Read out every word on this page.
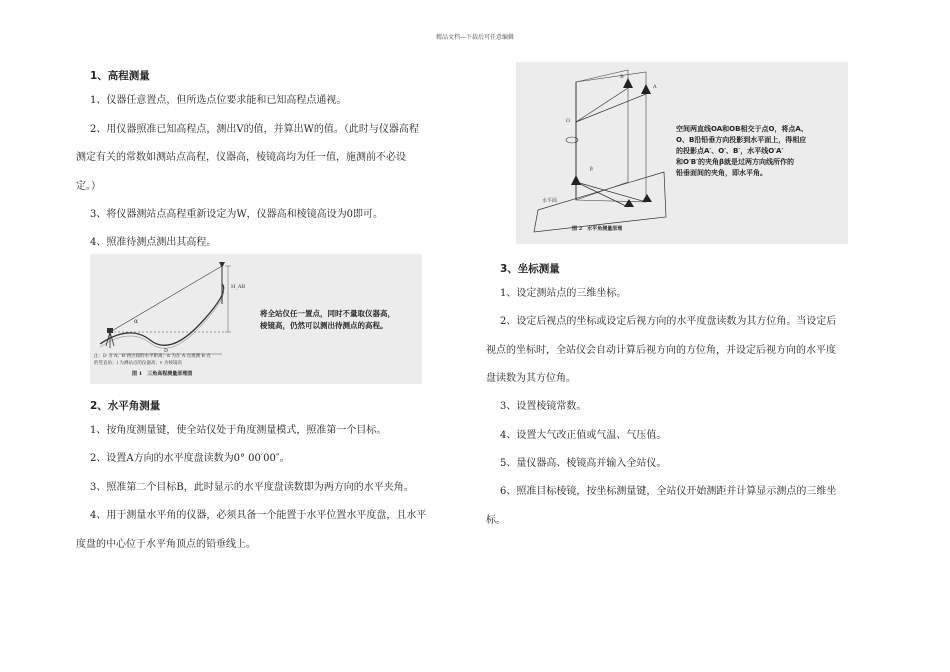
精品文档---下载后可任意编辑
1、高程测量
1、仪器任意置点，但所选点位要求能和已知高程点通视。
2、用仪器照准已知高程点，测出V的值，并算出W的值。（此时与仪器高程
测定有关的常数如测站点高程，仪器高，棱镜高均为任一值，施测前不必设
定。）
3、将仪器测站点高程重新设定为W，仪器高和棱镜高设为0即可。
4、照准待测点测出其高程。
α
H_AB
D
将全站仪任一置点，同时不量取仪器高，
棱镜高，仍然可以测出待测点的高程。
注：D 为 A、B 两点间的水平距离；α 为在 A 点观测 B 点
的竖直角；i 为测站点的仪器高；v 为棱镜高
图 1　三角高程测量原理图
2、水平角测量
1、按角度测量键，使全站仪处于角度测量模式，照准第一个目标。
2、设置A方向的水平度盘读数为0° 00′00″。
3、照准第二个目标B，此时显示的水平度盘读数即为两方向的水平夹角。
4、用于测量水平角的仪器，必须具备一个能置于水平位置水平度盘，且水平
度盘的中心位于水平角顶点的铅垂线上。
β
水平面
A
B
O
空间两直线OA和OB相交于点O，将点A、
O、B沿铅垂方向投影到水平面上，得相应
的投影点A′、O′、B′，水平线O′A′
和O′B′的夹角β就是过两方向线所作的
铅垂面间的夹角，即水平角。
图 2　水平角测量原理
3、坐标测量
1、设定测站点的三维坐标。
2、设定后视点的坐标或设定后视方向的水平度盘读数为其方位角。当设定后
视点的坐标时，全站仪会自动计算后视方向的方位角，并设定后视方向的水平度
盘读数为其方位角。
3、设置棱镜常数。
4、设置大气改正值或气温、气压值。
5、量仪器高、棱镜高并输入全站仪。
6、照准目标棱镜，按坐标测量键，全站仪开始测距并计算显示测点的三维坐
标。
